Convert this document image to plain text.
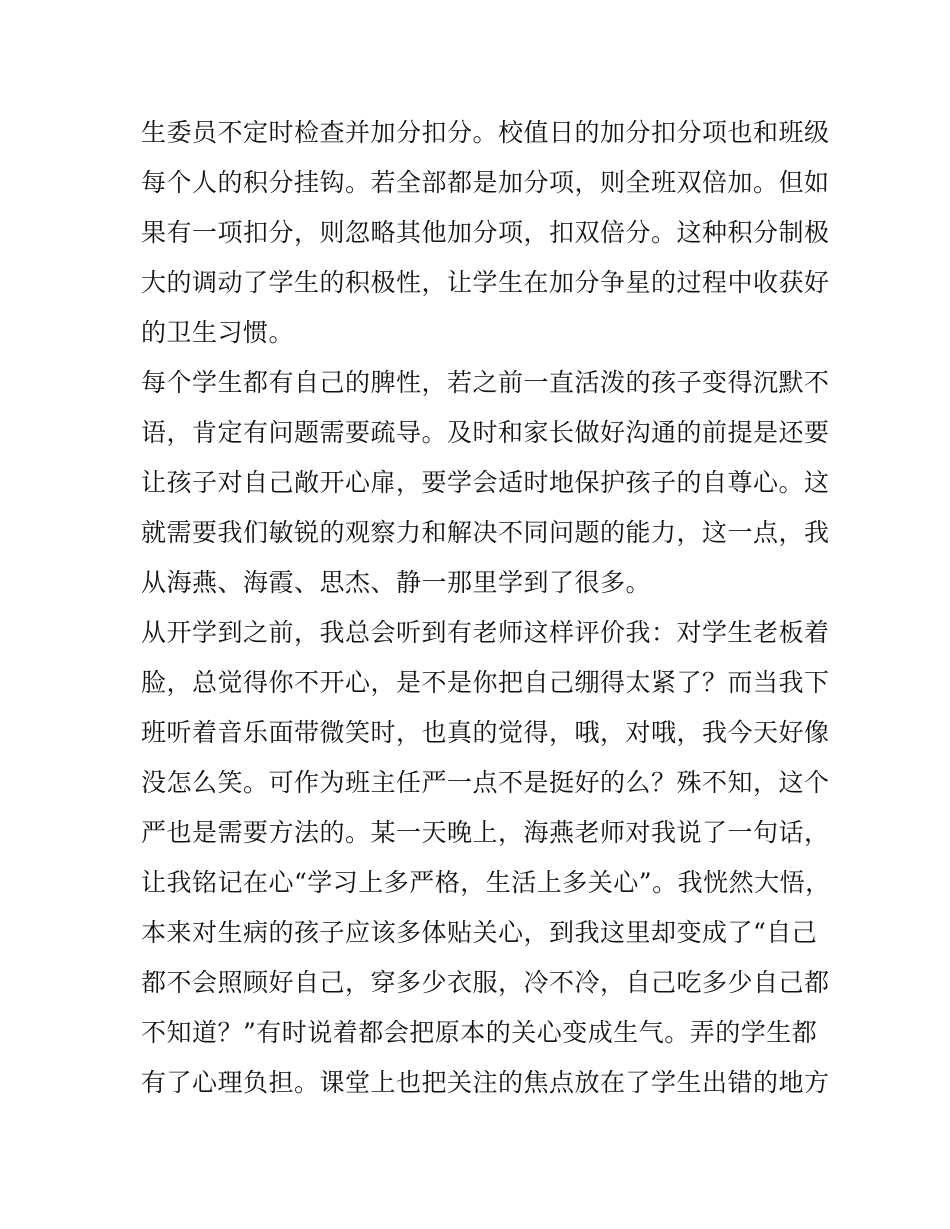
生委员不定时检查并加分扣分。校值日的加分扣分项也和班级
每个人的积分挂钩。若全部都是加分项，则全班双倍加。但如
果有一项扣分，则忽略其他加分项，扣双倍分。这种积分制极
大的调动了学生的积极性，让学生在加分争星的过程中收获好
的卫生习惯。
每个学生都有自己的脾性，若之前一直活泼的孩子变得沉默不
语，肯定有问题需要疏导。及时和家长做好沟通的前提是还要
让孩子对自己敞开心扉，要学会适时地保护孩子的自尊心。这
就需要我们敏锐的观察力和解决不同问题的能力，这一点，我
从海燕、海霞、思杰、静一那里学到了很多。
从开学到之前，我总会听到有老师这样评价我：对学生老板着
脸，总觉得你不开心，是不是你把自己绷得太紧了？而当我下
班听着音乐面带微笑时，也真的觉得，哦，对哦，我今天好像
没怎么笑。可作为班主任严一点不是挺好的么？殊不知，这个
严也是需要方法的。某一天晚上，海燕老师对我说了一句话，
让我铭记在心“学习上多严格，生活上多关心”。我恍然大悟，
本来对生病的孩子应该多体贴关心，到我这里却变成了“自己
都不会照顾好自己，穿多少衣服，冷不冷，自己吃多少自己都
不知道？”有时说着都会把原本的关心变成生气。弄的学生都
有了心理负担。课堂上也把关注的焦点放在了学生出错的地方
